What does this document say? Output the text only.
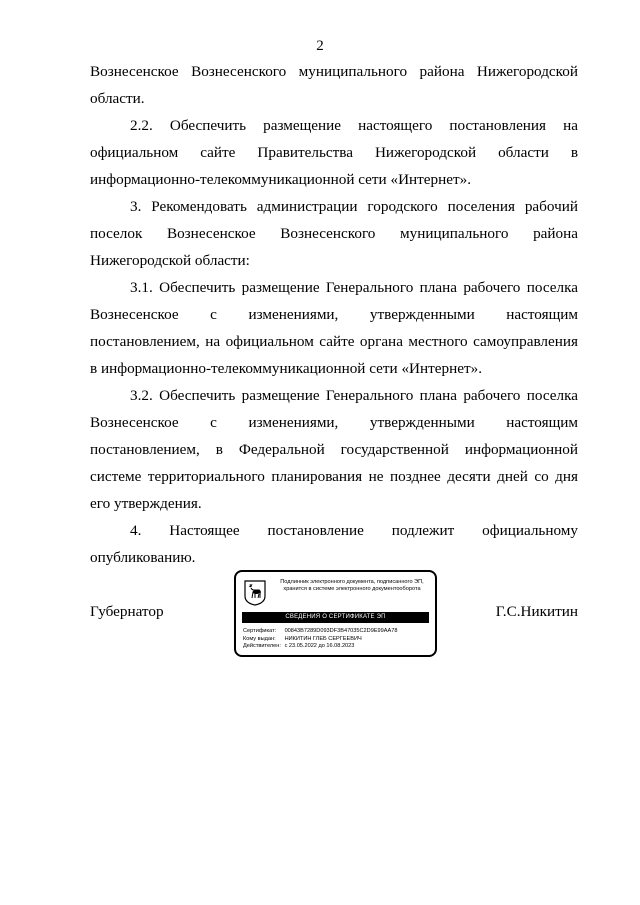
2

Вознесенское Вознесенского муниципального района Нижегородской области.

2.2. Обеспечить размещение настоящего постановления на официальном сайте Правительства Нижегородской области в информационно-телекоммуникационной сети «Интернет».

3. Рекомендовать администрации городского поселения рабочий поселок Вознесенское Вознесенского муниципального района Нижегородской области:

3.1. Обеспечить размещение Генерального плана рабочего поселка Вознесенское с изменениями, утвержденными настоящим постановлением, на официальном сайте органа местного самоуправления в информационно-телекоммуникационной сети «Интернет».

3.2. Обеспечить размещение Генерального плана рабочего поселка Вознесенское с изменениями, утвержденными настоящим постановлением, в Федеральной государственной информационной системе территориального планирования не позднее десяти дней со дня его утверждения.

4. Настоящее постановление подлежит официальному опубликованию.

Губернатор	Г.С.Никитин
Подлинник электронного документа, подписанного ЭП, хранится в системе электронного документооборота
СВЕДЕНИЯ О СЕРТИФИКАТЕ ЭП
Сертификат: 00843B7289D093DF3B47035C2D9E99AA78
Кому выдан: НИКИТИН ГЛЕБ СЕРГЕЕВИЧ
Действителен: с 23.05.2022 до 16.08.2023
